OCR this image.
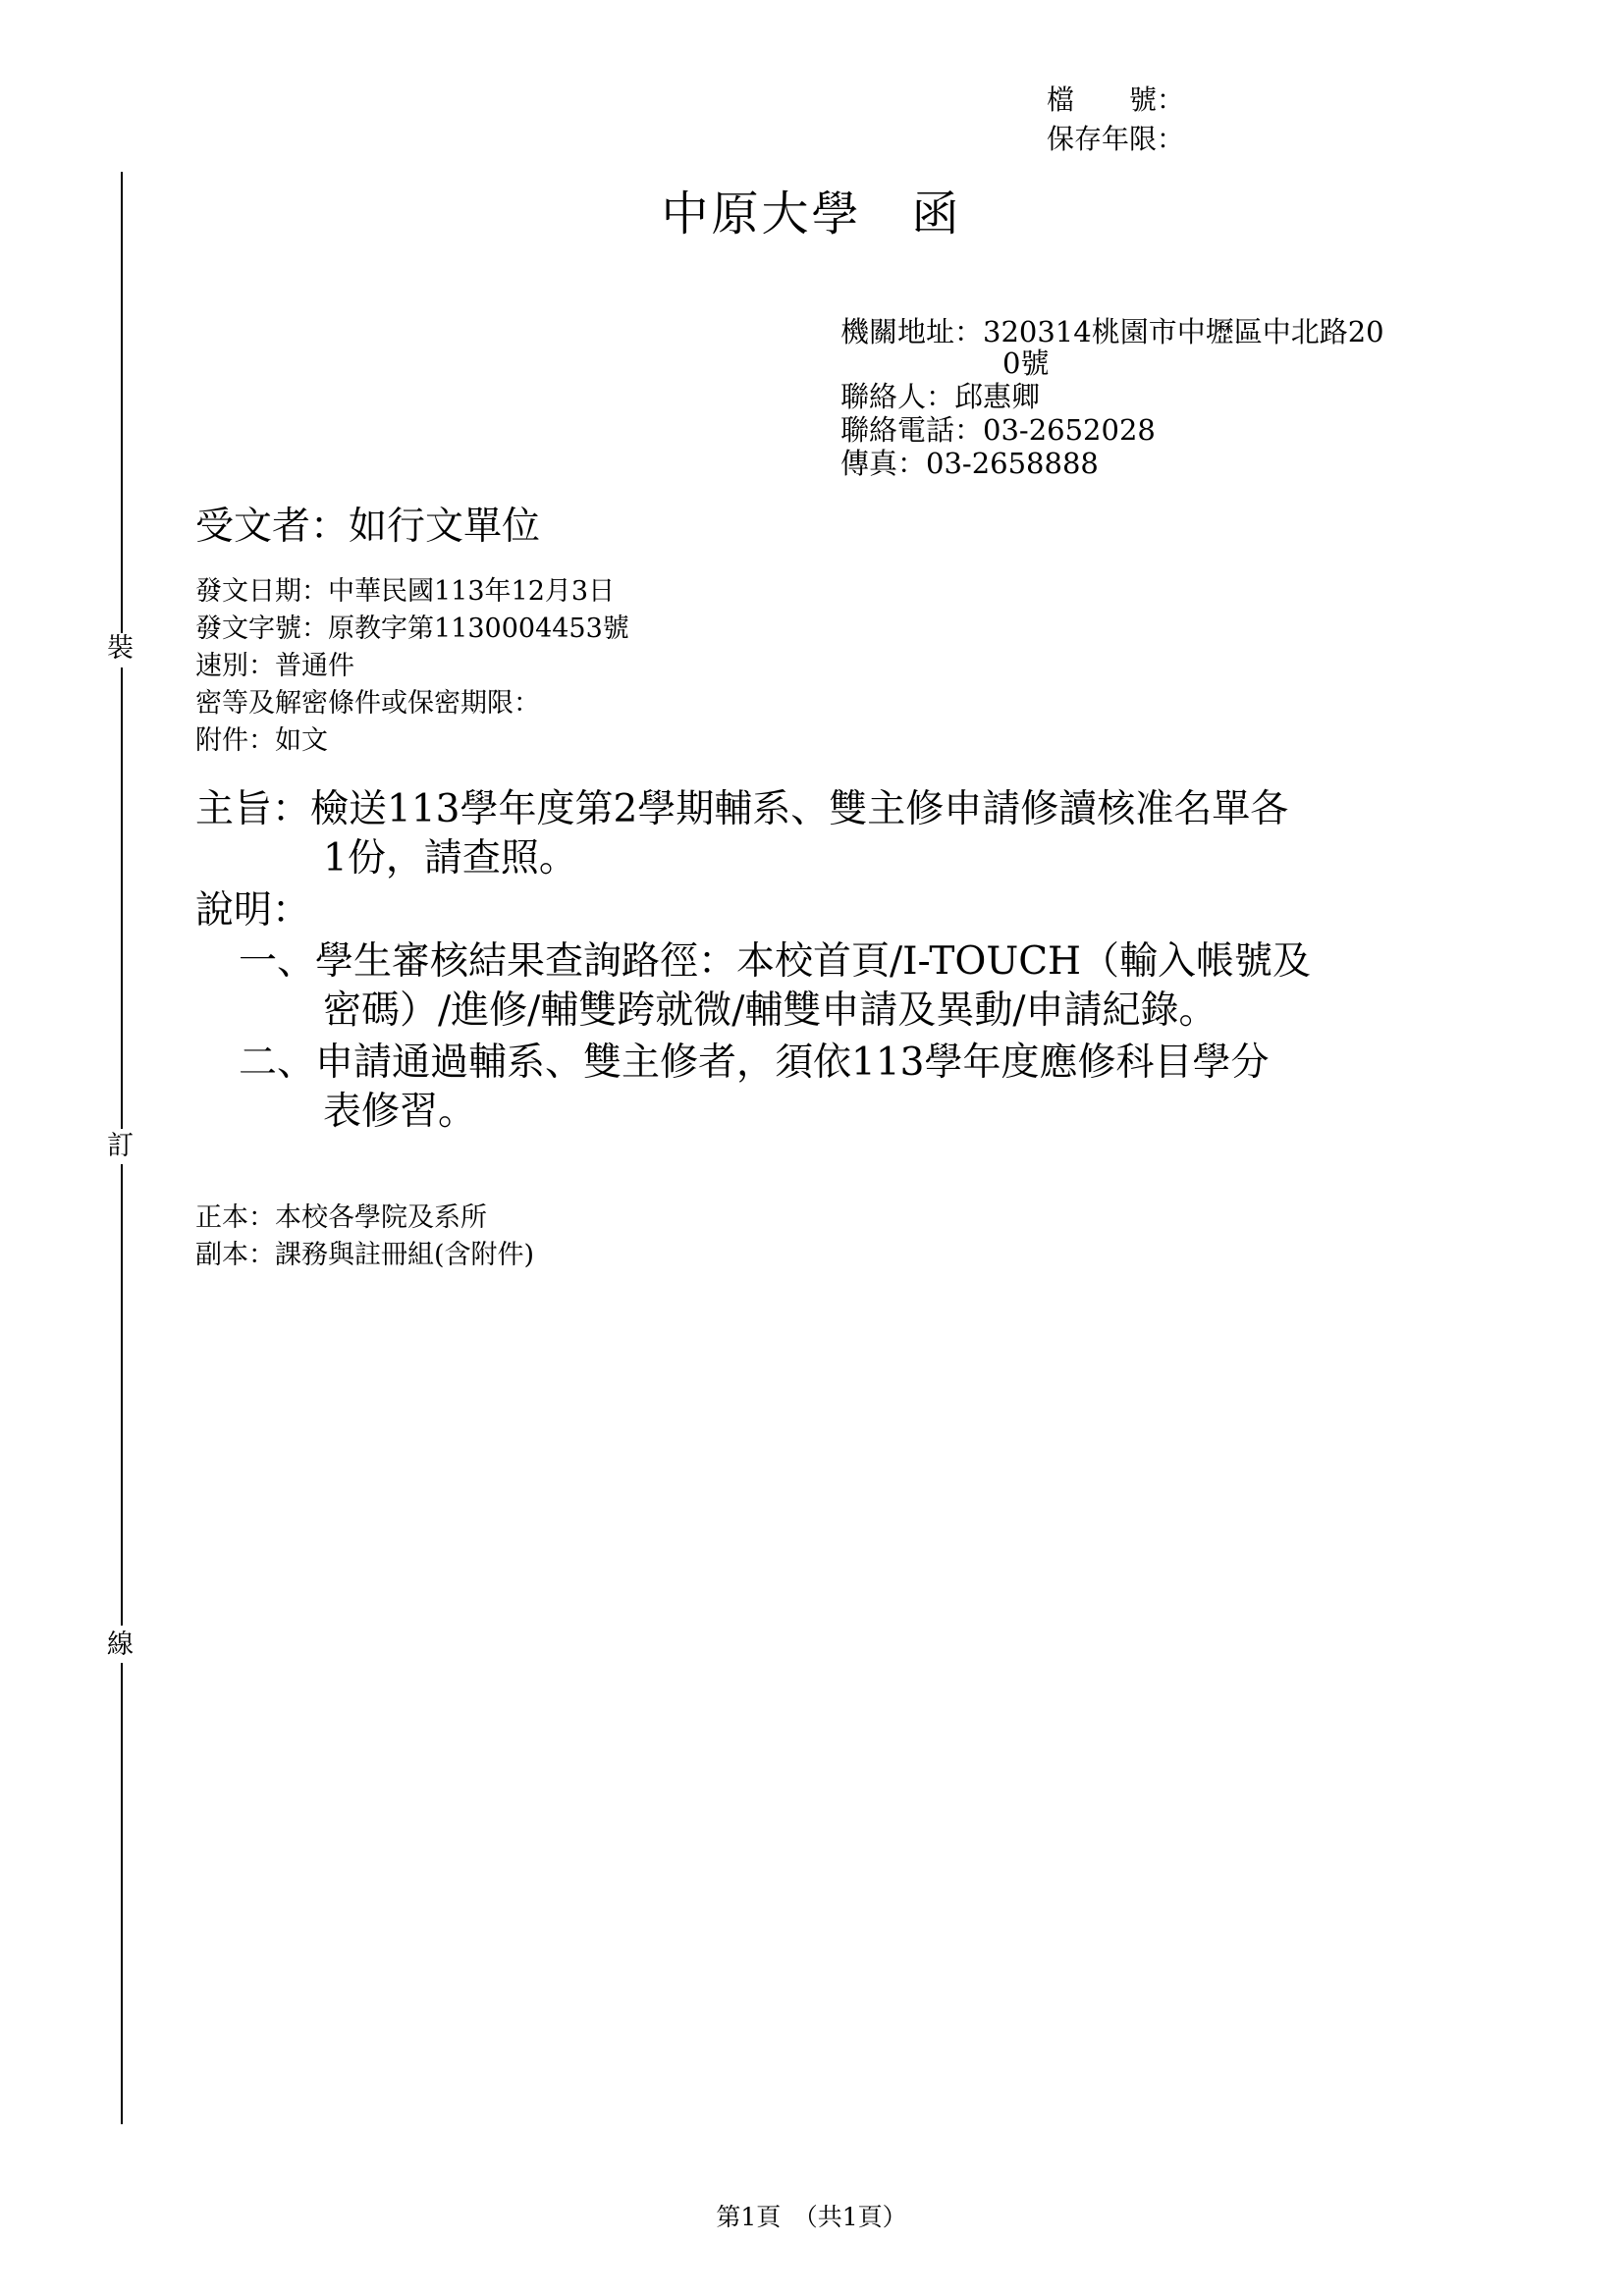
裝
訂
線
檔　　號：
保存年限：
中原大學　函
機關地址：320314桃園市中壢區中北路20
0號
聯絡人：邱惠卿
聯絡電話：03-2652028
傳真：03-2658888
受文者：如行文單位
發文日期：中華民國113年12月3日
發文字號：原教字第1130004453號
速別：普通件
密等及解密條件或保密期限：
附件：如文
主旨：檢送113學年度第2學期輔系、雙主修申請修讀核准名單各
1份，請查照。
說明：
一、學生審核結果查詢路徑：本校首頁/I-TOUCH（輸入帳號及
密碼）/進修/輔雙跨就微/輔雙申請及異動/申請紀錄。
二、申請通過輔系、雙主修者，須依113學年度應修科目學分
表修習。
正本：本校各學院及系所
副本：課務與註冊組(含附件)
第1頁　（共1頁）
